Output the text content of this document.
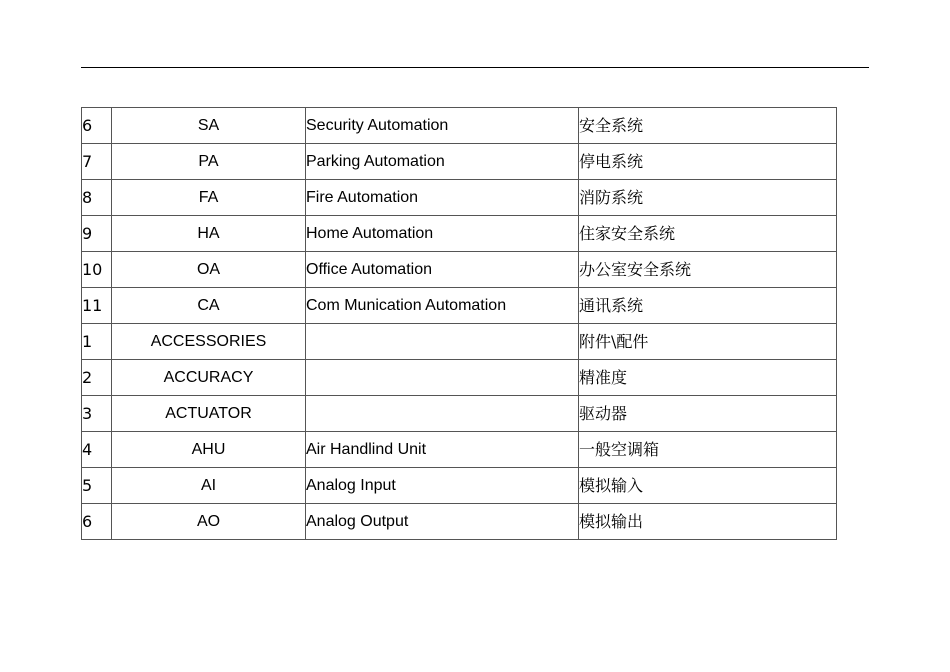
6	SA	Security Automation	安全系统
7	PA	Parking Automation	停电系统
8	FA	Fire Automation	消防系统
9	HA	Home Automation	住家安全系统
10	OA	Office Automation	办公室安全系统
11	CA	Com Munication Automation	通讯系统
1	ACCESSORIES		附件\配件
2	ACCURACY		精准度
3	ACTUATOR		驱动器
4	AHU	Air Handlind Unit	一般空调箱
5	AI	Analog Input	模拟输入
6	AO	Analog Output	模拟输出
